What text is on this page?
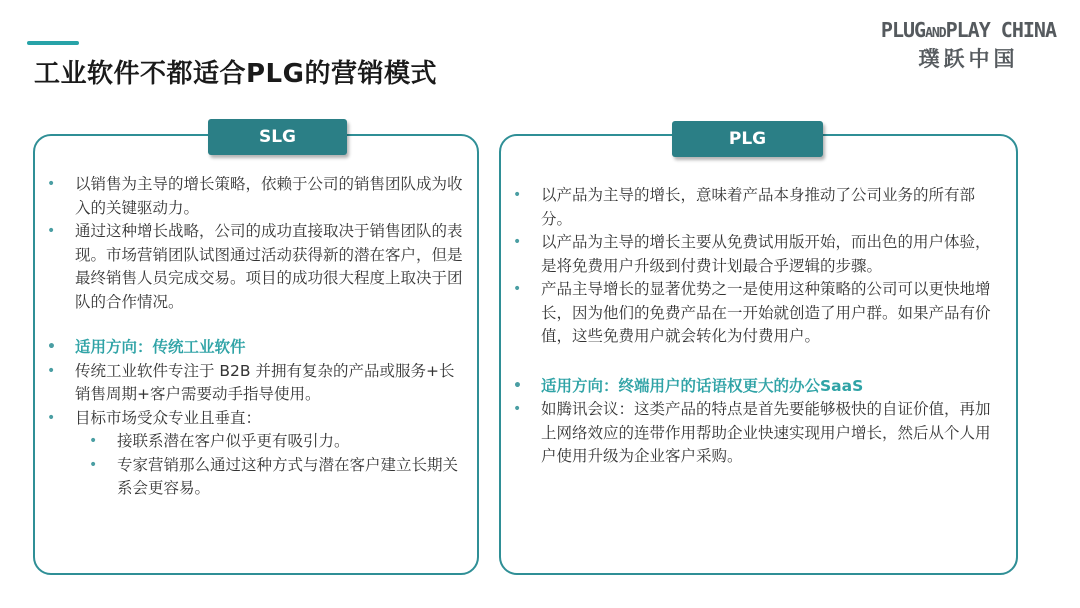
工业软件不都适合PLG的营销模式
PLUGANDPLAY CHINA
璞跃中国
SLG	PLG

• 以销售为主导的增长策略，依赖于公司的销售团队成为收入的关键驱动力。

• 通过这种增长战略，公司的成功直接取决于销售团队的表现。市场营销团队试图通过活动获得新的潜在客户，但是最终销售人员完成交易。项目的成功很大程度上取决于团队的合作情况。

• 适用方向：传统工业软件

• 传统工业软件专注于 B2B 并拥有复杂的产品或服务+长销售周期+客户需要动手指导使用。

• 目标市场受众专业且垂直：

• 接联系潜在客户似乎更有吸引力。

• 专家营销那么通过这种方式与潜在客户建立长期关系会更容易。

• 以产品为主导的增长，意味着产品本身推动了公司业务的所有部分。

• 以产品为主导的增长主要从免费试用版开始，而出色的用户体验，是将免费用户升级到付费计划最合乎逻辑的步骤。

• 产品主导增长的显著优势之一是使用这种策略的公司可以更快地增长，因为他们的免费产品在一开始就创造了用户群。如果产品有价值，这些免费用户就会转化为付费用户。

• 适用方向：终端用户的话语权更大的办公SaaS

• 如腾讯会议：这类产品的特点是首先要能够极快的自证价值，再加上网络效应的连带作用帮助企业快速实现用户增长，然后从个人用户使用升级为企业客户采购。
